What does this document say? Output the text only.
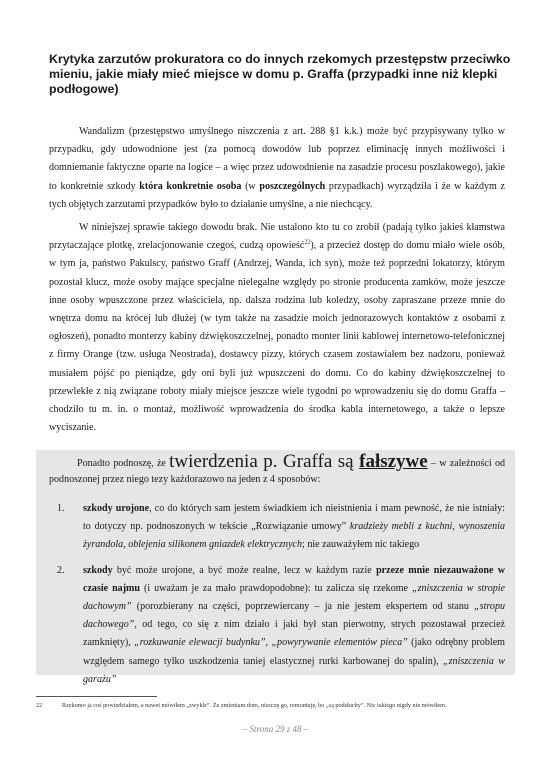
Krytyka zarzutów prokuratora co do innych rzekomych przestępstw przeciwko mieniu, jakie miały mieć miejsce w domu p. Graffa (przypadki inne niż klepki podłogowe)

Wandalizm (przestępstwo umyślnego niszczenia z art. 288 §1 k.k.) może być przypisywany tylko w przypadku, gdy udowodnione jest (za pomocą dowodów lub poprzez eliminację innych możliwości i domniemanie faktyczne oparte na logice – a więc przez udowodnienie na zasadzie procesu poszlakowego), jakie to konkretnie szkody która konkretnie osoba (w poszczególnych przypadkach) wyrządziła i że w każdym z tych objętych zarzutami przypadków było to działanie umyślne, a nie niechcący.

W niniejszej sprawie takiego dowodu brak. Nie ustalono kto tu co zrobił (padają tylko jakieś kłamstwa przytaczające plotkę, zrelacjonowanie czegoś, cudzą opowieść$^{22}$), a przecież dostęp do domu miało wiele osób, w tym ja, państwo Pakulscy, państwo Graff (Andrzej, Wanda, ich syn), może też poprzedni lokatorzy, którym pozostał klucz, może osoby mające specjalne nielegalne względy po stronie producenta zamków, może jeszcze inne osoby wpuszczone przez właściciela, np. dalsza rodzina lub koledzy, osoby zapraszane przeze mnie do wnętrza domu na krócej lub dłużej (w tym także na zasadzie moich jednorazowych kontaktów z osobami z ogłoszeń), ponadto monterzy kabiny dźwiękoszczelnej, ponadto monter linii kablowej internetowo-telefonicznej z firmy Orange (tzw. usługa Neostrada), dostawcy pizzy, których czasem zostawiałem bez nadzoru, ponieważ musiałem pójść po pieniądze, gdy oni byli już wpuszczeni do domu. Co do kabiny dźwiękoszczelnej to przewlekłe z nią związane roboty miały miejsce jeszcze wiele tygodni po wprowadzeniu się do domu Graffa – chodziło tu m. in. o montaż, możliwość wprowadzenia do środka kabla internetowego, a także o lepsze wyciszanie.

Ponadto podnoszę, że twierdzenia p. Graffa są fałszywe – w zależności od podnoszonej przez niego tezy każdorazowo na jeden z 4 sposobów:

1. szkody urojone, co do których sam jestem świadkiem ich nieistnienia i mam pewność, że nie istniały: to dotyczy np. podnoszonych w tekście „Rozwiązanie umowy” kradzieży mebli z kuchni, wynoszenia żyrandola, oblejenia silikonem gniazdek elektrycznych; nie zauważyłem nic takiego
2. szkody być może urojone, a być może realne, lecz w każdym razie przeze mnie niezauważone w czasie najmu (i uważam je za mało prawdopodobne): tu zalicza się rzekome „zniszczenia w stropie dachowym” (porozbierany na części, poprzewiercany – ja nie jestem ekspertem od stanu „stropu dachowego”, od tego, co się z nim działo i jaki był stan pierwotny, strych pozostawał przecież zamknięty), „rozkuwanie elewacji budynku”, „powyrywanie elementów pieca” (jako odrębny problem względem samego tylko uszkodzenia taniej elastycznej rurki karbowanej do spalin), „zniszczenia w garażu”

22	Rzekomo ja coś powiedziałem, a nawet mówiłem „zwykle”. Że zmieniam dom, niszczę go, remontuję, bo „są podsłuchy”. Nic takiego nigdy nie mówiłem.

– Strona 29 z 48 –
